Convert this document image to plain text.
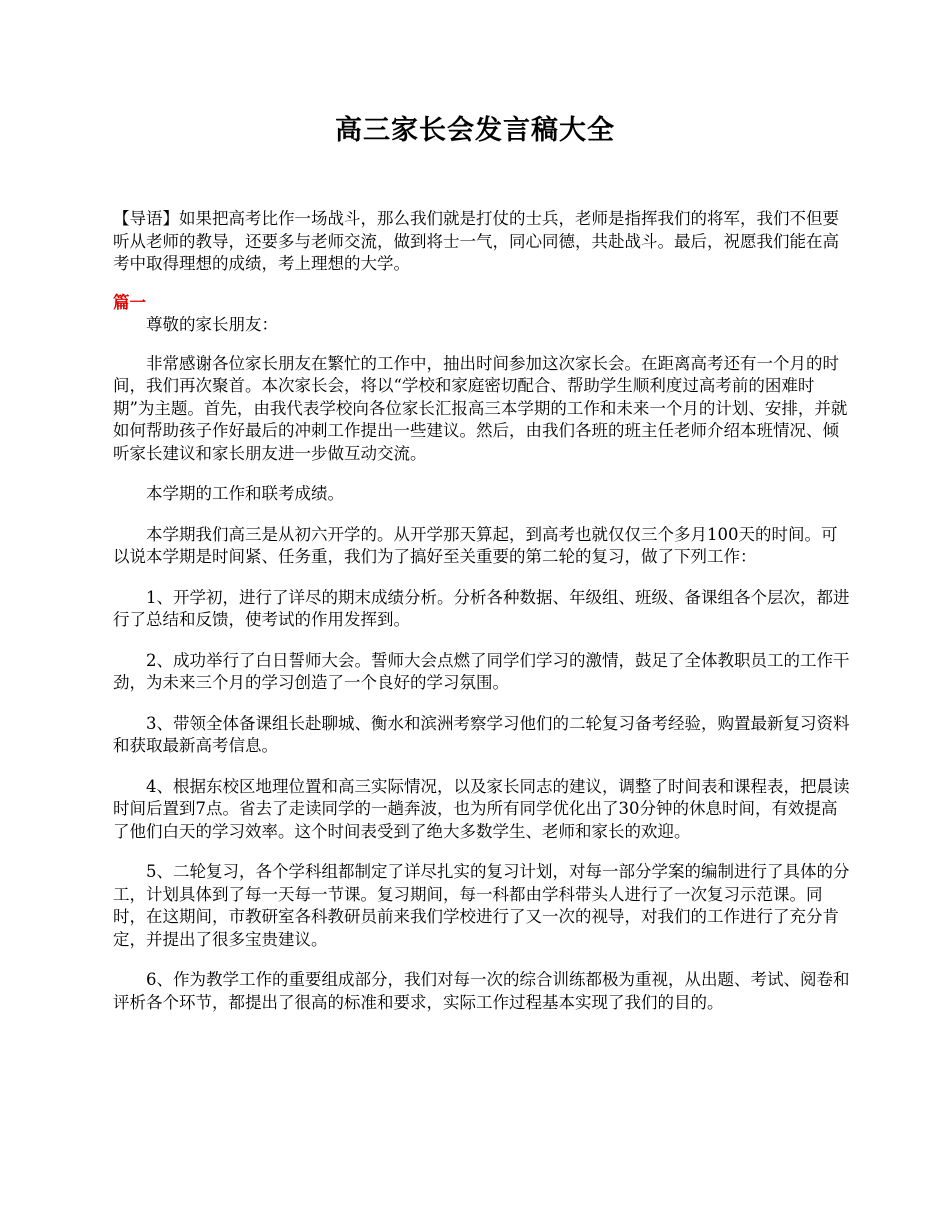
高三家长会发言稿大全

【导语】如果把高考比作一场战斗，那么我们就是打仗的士兵，老师是指挥我们的将军，我们不但要听从老师的教导，还要多与老师交流，做到将士一气，同心同德，共赴战斗。最后，祝愿我们能在高考中取得理想的成绩，考上理想的大学。

篇一

尊敬的家长朋友：

非常感谢各位家长朋友在繁忙的工作中，抽出时间参加这次家长会。在距离高考还有一个月的时间，我们再次聚首。本次家长会，将以“学校和家庭密切配合、帮助学生顺利度过高考前的困难时期”为主题。首先，由我代表学校向各位家长汇报高三本学期的工作和未来一个月的计划、安排，并就如何帮助孩子作好最后的冲刺工作提出一些建议。然后，由我们各班的班主任老师介绍本班情况、倾听家长建议和家长朋友进一步做互动交流。

本学期的工作和联考成绩。

本学期我们高三是从初六开学的。从开学那天算起，到高考也就仅仅三个多月100天的时间。可以说本学期是时间紧、任务重，我们为了搞好至关重要的第二轮的复习，做了下列工作：

1、开学初，进行了详尽的期末成绩分析。分析各种数据、年级组、班级、备课组各个层次，都进行了总结和反馈，使考试的作用发挥到。

2、成功举行了白日誓师大会。誓师大会点燃了同学们学习的激情，鼓足了全体教职员工的工作干劲，为未来三个月的学习创造了一个良好的学习氛围。

3、带领全体备课组长赴聊城、衡水和滨洲考察学习他们的二轮复习备考经验，购置最新复习资料和获取最新高考信息。

4、根据东校区地理位置和高三实际情况，以及家长同志的建议，调整了时间表和课程表，把晨读时间后置到7点。省去了走读同学的一趟奔波，也为所有同学优化出了30分钟的休息时间，有效提高了他们白天的学习效率。这个时间表受到了绝大多数学生、老师和家长的欢迎。

5、二轮复习，各个学科组都制定了详尽扎实的复习计划，对每一部分学案的编制进行了具体的分工，计划具体到了每一天每一节课。复习期间，每一科都由学科带头人进行了一次复习示范课。同时，在这期间，市教研室各科教研员前来我们学校进行了又一次的视导，对我们的工作进行了充分肯定，并提出了很多宝贵建议。

6、作为教学工作的重要组成部分，我们对每一次的综合训练都极为重视，从出题、考试、阅卷和评析各个环节，都提出了很高的标准和要求，实际工作过程基本实现了我们的目的。
